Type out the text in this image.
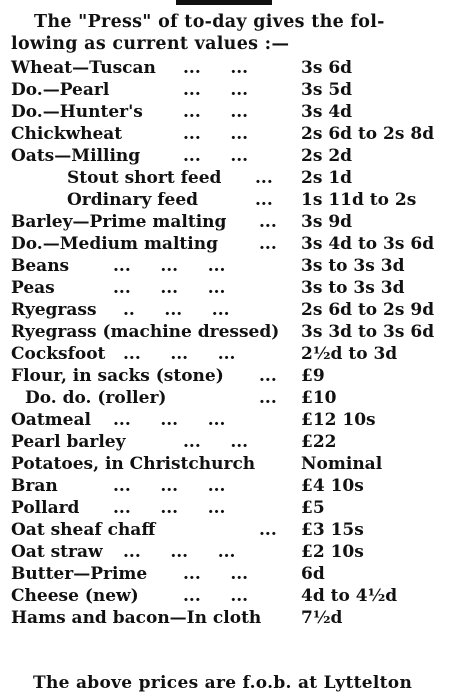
The "Press" of to-day gives the fol-
lowing as current values :—
Wheat—Tuscan ...     ...	3s 6d
Do.—Pearl	...     ...	3s 5d
Do.—Hunter's ...     ...	3s 4d
Chickwheat	...     ...	2s 6d to 2s 8d
Oats—Milling	...     ...	2s 2d
Stout short feed ... 2s 1d
Ordinary feed	... 1s 11d to 2s
Barley—Prime malting ... 3s 9d
Do.—Medium malting ... 3s 4d to 3s 6d
Beans	...     ...     ...	3s to 3s 3d
Peas	...     ...     ...	3s to 3s 3d
Ryegrass ..     ...     ...	2s 6d to 2s 9d
Ryegrass (machine dressed) 3s 3d to 3s 6d
Cocksfoot ...     ...     ...	2½d to 3d
Flour, in sacks (stone) ... £9
Do. do. (roller)	... £10
Oatmeal ...     ...     ...	£12 10s
Pearl barley	...     ...	£22
Potatoes, in Christchurch	Nominal
Bran	...     ...     ...	£4 10s
Pollard ...     ...     ...	£5
Oat sheaf chaff	... £3 15s
Oat straw ...     ...     ...	£2 10s
Butter—Prime ...     ...	6d
Cheese (new)	...     ...	4d to 4½d
Hams and bacon—In cloth 7½d
The above prices are f.o.b. at Lyttelton
